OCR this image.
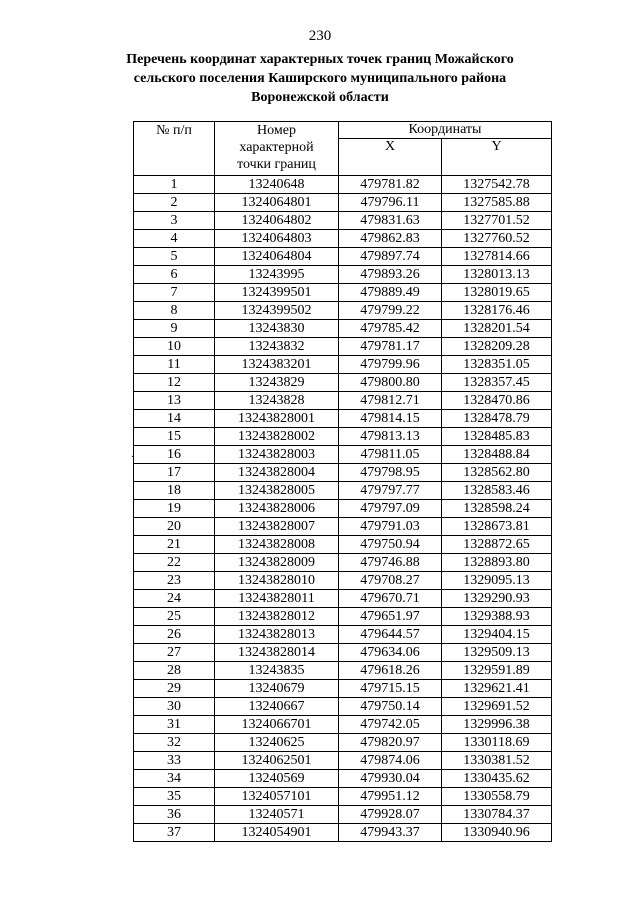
230
Перечень координат характерных точек границ Можайского
сельского поселения Каширского муниципального района
Воронежской области
·
№ п/п	Номер
характерной
точки границ	Координаты	
		X	Y
1	13240648	479781.82	1327542.78
2	1324064801	479796.11	1327585.88
3	1324064802	479831.63	1327701.52
4	1324064803	479862.83	1327760.52
5	1324064804	479897.74	1327814.66
6	13243995	479893.26	1328013.13
7	1324399501	479889.49	1328019.65
8	1324399502	479799.22	1328176.46
9	13243830	479785.42	1328201.54
10	13243832	479781.17	1328209.28
11	1324383201	479799.96	1328351.05
12	13243829	479800.80	1328357.45
13	13243828	479812.71	1328470.86
14	13243828001	479814.15	1328478.79
15	13243828002	479813.13	1328485.83
16	13243828003	479811.05	1328488.84
17	13243828004	479798.95	1328562.80
18	13243828005	479797.77	1328583.46
19	13243828006	479797.09	1328598.24
20	13243828007	479791.03	1328673.81
21	13243828008	479750.94	1328872.65
22	13243828009	479746.88	1328893.80
23	13243828010	479708.27	1329095.13
24	13243828011	479670.71	1329290.93
25	13243828012	479651.97	1329388.93
26	13243828013	479644.57	1329404.15
27	13243828014	479634.06	1329509.13
28	13243835	479618.26	1329591.89
29	13240679	479715.15	1329621.41
30	13240667	479750.14	1329691.52
31	1324066701	479742.05	1329996.38
32	13240625	479820.97	1330118.69
33	1324062501	479874.06	1330381.52
34	13240569	479930.04	1330435.62
35	1324057101	479951.12	1330558.79
36	13240571	479928.07	1330784.37
37	1324054901	479943.37	1330940.96
